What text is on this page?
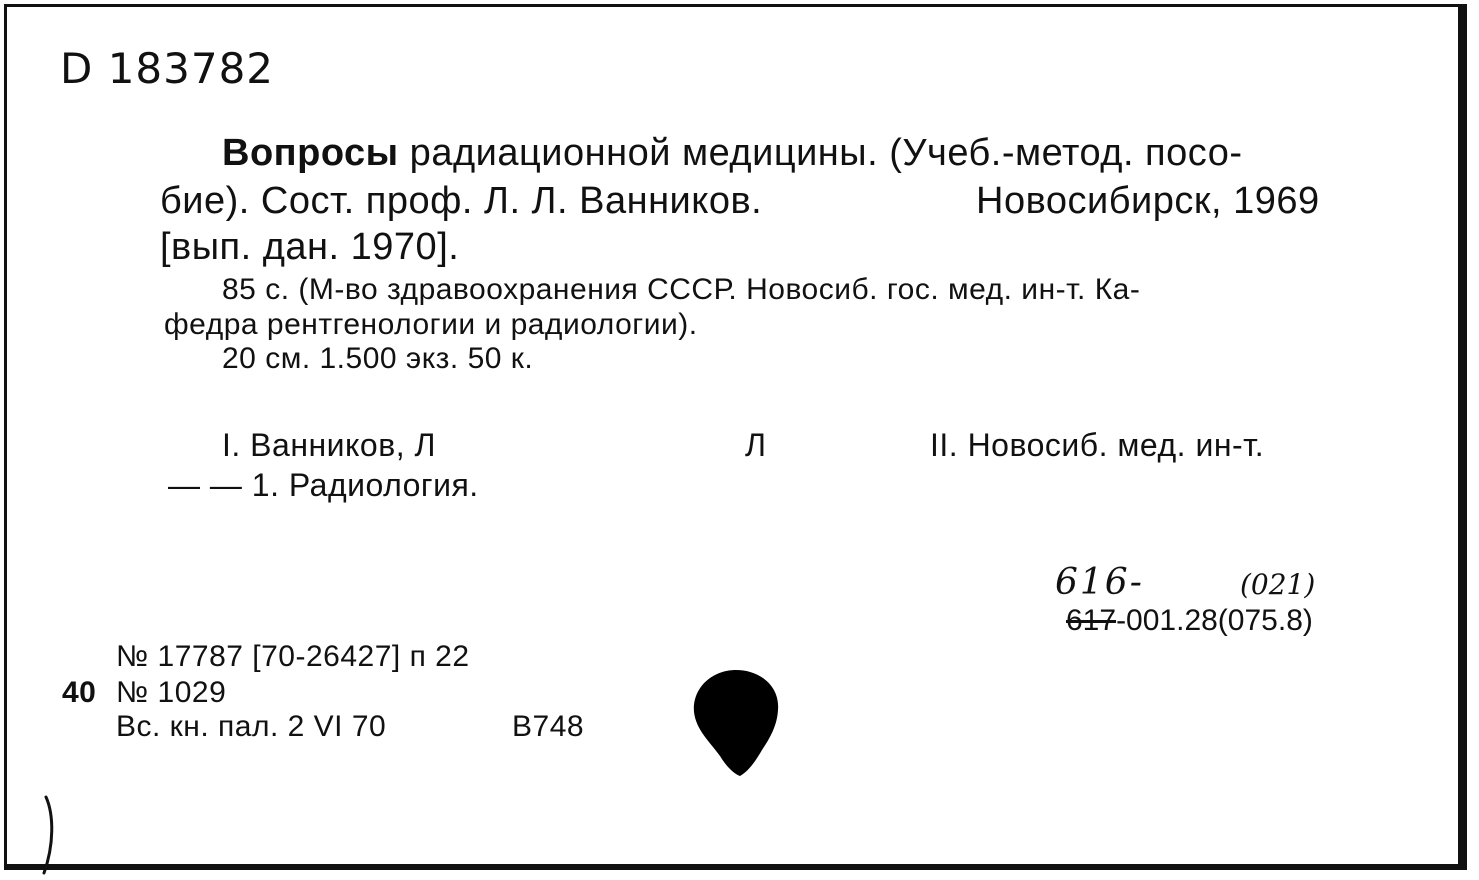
D 183782
Вопросы радиационной медицины. (Учеб.-метод. посо-
бие). Сост. проф. Л. Л. Ванников.	Новосибирск, 1969
[вып. дан. 1970].
85 с. (М-во здравоохранения СССР. Новосиб. гос. мед. ин-т. Ка-
федра рентгенологии и радиологии).
20 см. 1.500 экз. 50 к.
I. Ванников, Л	Л	II. Новосиб. мед. ин-т.
— — 1. Радиология.
616-	(021)
617-001.28(075.8)
№ 17787 [70-26427] п 22
40 № 1029
Вс. кн. пал. 2 VI 70	В748
